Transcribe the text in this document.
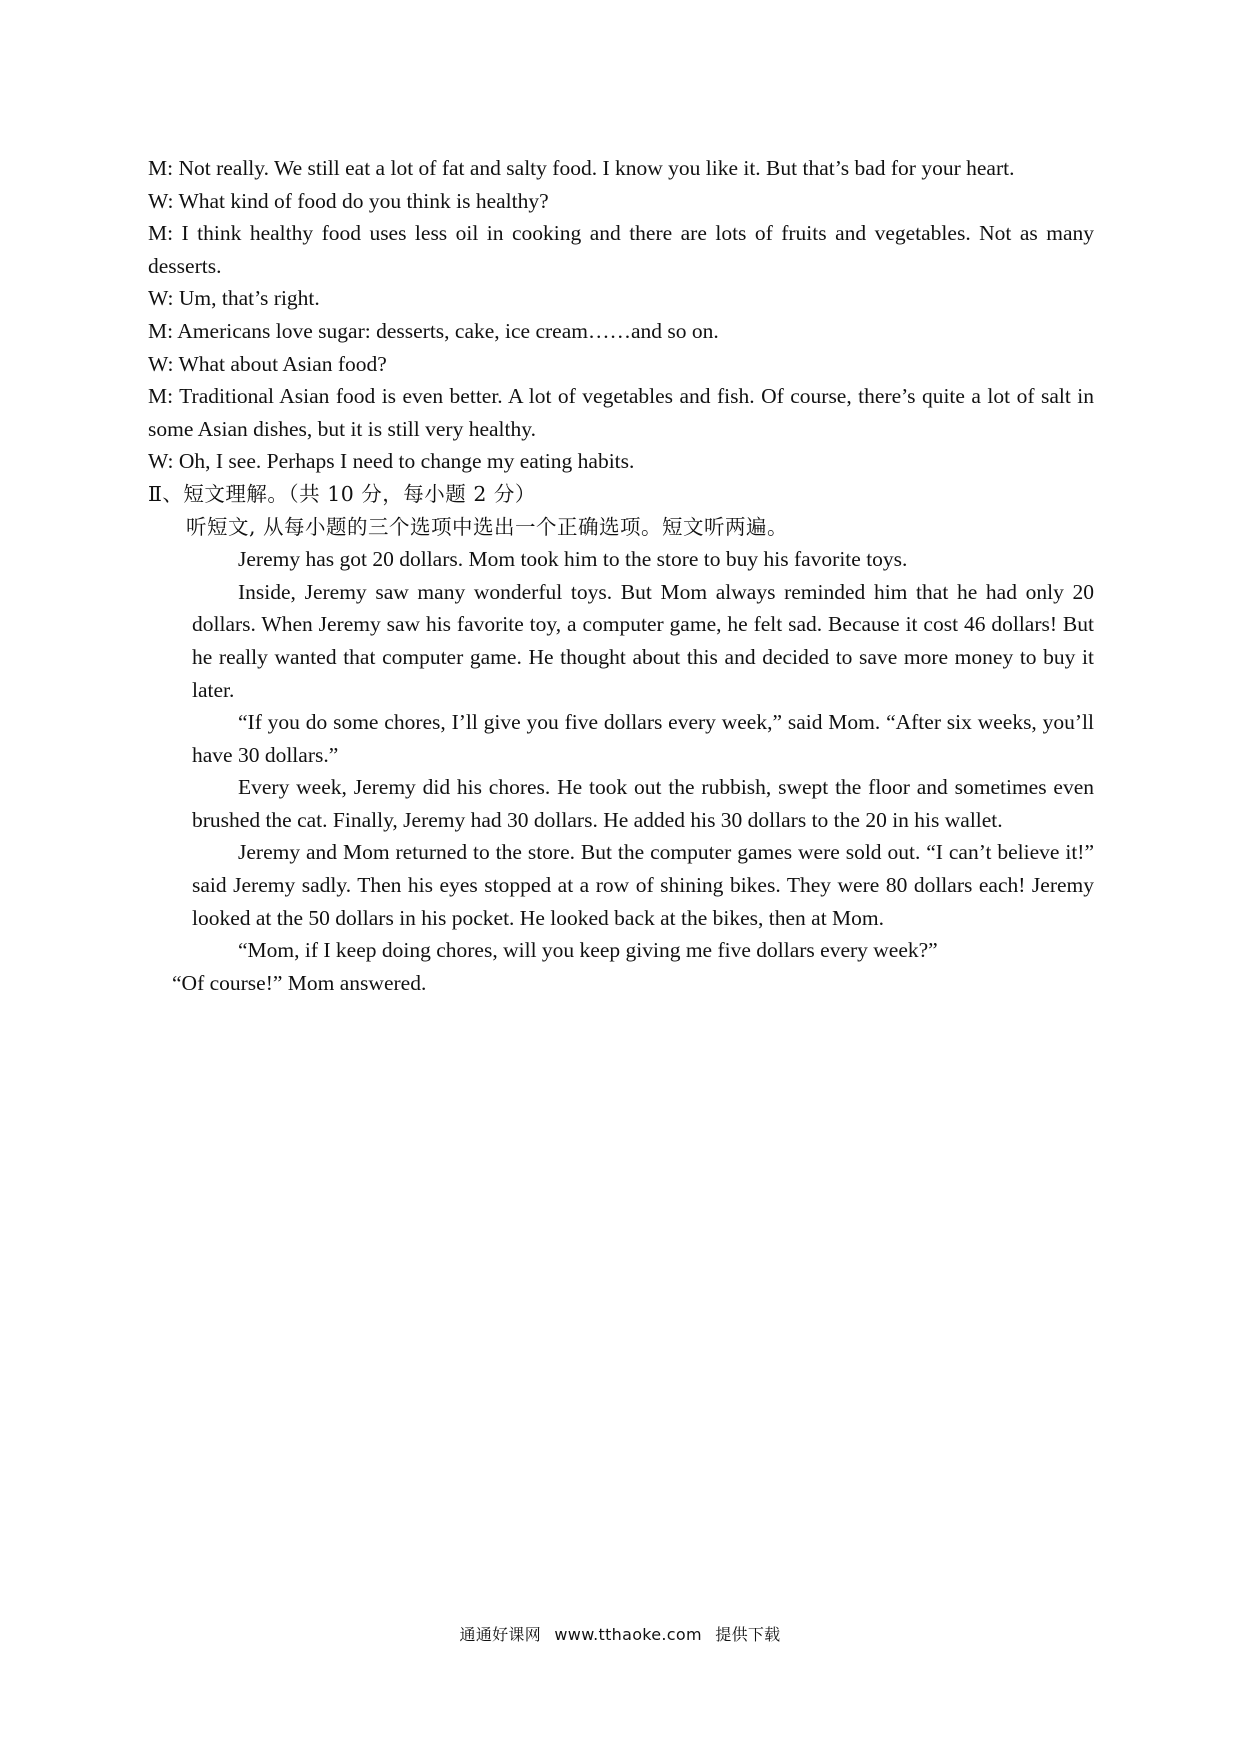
M: Not really. We still eat a lot of fat and salty food. I know you like it. But that’s bad for your heart.

W: What kind of food do you think is healthy?

M: I think healthy food uses less oil in cooking and there are lots of fruits and vegetables. Not as many desserts.

W: Um, that’s right.

M: Americans love sugar: desserts, cake, ice cream……and so on.

W: What about Asian food?

M: Traditional Asian food is even better. A lot of vegetables and fish. Of course, there’s quite a lot of salt in some Asian dishes, but it is still very healthy.

W: Oh, I see. Perhaps I need to change my eating habits.

Ⅱ、短文理解。（共 10 分，每小题 2 分）

听短文, 从每小题的三个选项中选出一个正确选项。短文听两遍。

Jeremy has got 20 dollars. Mom took him to the store to buy his favorite toys.

Inside, Jeremy saw many wonderful toys. But Mom always reminded him that he had only 20 dollars. When Jeremy saw his favorite toy, a computer game, he felt sad. Because it cost 46 dollars! But he really wanted that computer game. He thought about this and decided to save more money to buy it later.

“If you do some chores, I’ll give you five dollars every week,” said Mom. “After six weeks, you’ll have 30 dollars.”

Every week, Jeremy did his chores. He took out the rubbish, swept the floor and sometimes even brushed the cat. Finally, Jeremy had 30 dollars. He added his 30 dollars to the 20 in his wallet.

Jeremy and Mom returned to the store. But the computer games were sold out. “I can’t believe it!” said Jeremy sadly. Then his eyes stopped at a row of shining bikes. They were 80 dollars each! Jeremy looked at the 50 dollars in his pocket. He looked back at the bikes, then at Mom.

“Mom, if I keep doing chores, will you keep giving me five dollars every week?”

“Of course!” Mom answered.

通通好课网 www.tthaoke.com 提供下载
